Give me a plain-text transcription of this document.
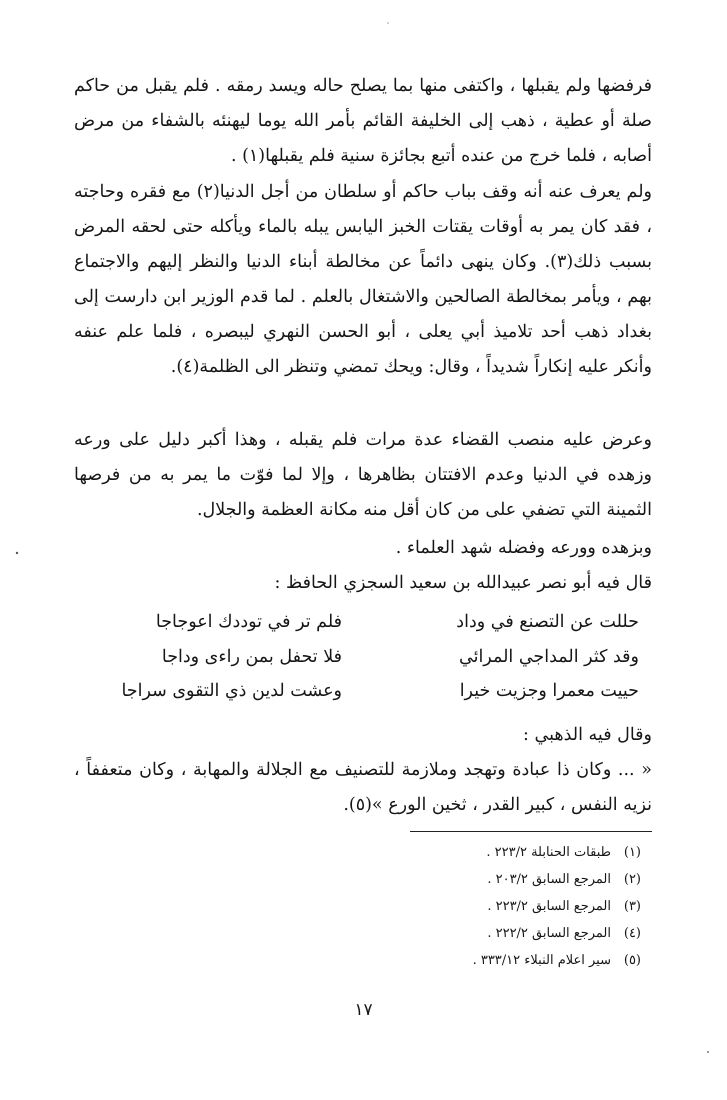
فرفضها ولم يقبلها ، واكتفى منها بما يصلح حاله ويسد رمقه . فلم يقبل من حاكم صلة أو عطية ، ذهب إلى الخليفة القائم بأمر الله يوما ليهنئه بالشفاء من مرض أصابه ، فلما خرج من عنده أتبع بجائزة سنية فلم يقبلها(١) .

ولم يعرف عنه أنه وقف بباب حاكم أو سلطان من أجل الدنيا(٢) مع فقره وحاجته ، فقد كان يمر به أوقات يقتات الخبز اليابس يبله بالماء ويأكله حتى لحقه المرض بسبب ذلك(٣). وكان ينهى دائماً عن مخالطة أبناء الدنيا والنظر إليهم والاجتماع بهم ، ويأمر بمخالطة الصالحين والاشتغال بالعلم . لما قدم الوزير ابن دارست إلى بغداد ذهب أحد تلاميذ أبي يعلى ، أبو الحسن النهري ليبصره ، فلما علم عنفه وأنكر عليه إنكاراً شديداً ، وقال: ويحك تمضي وتنظر الى الظلمة(٤).

وعرض عليه منصب القضاء عدة مرات فلم يقبله ، وهذا أكبر دليل على ورعه وزهده في الدنيا وعدم الافتتان بظاهرها ، وإلا لما فوّت ما يمر به من فرصها الثمينة التي تضفي على من كان أقل منه مكانة العظمة والجلال.

وبزهده وورعه وفضله شهد العلماء .

قال فيه أبو نصر عبيدالله بن سعيد السجزي الحافظ :

حللت عن التصنع في وداد
فلم تر في توددك اعوجاجا
وقد كثر المداجي المرائي
فلا تحفل بمن راءى وداجا
حييت معمرا وجزيت خيرا
وعشت لدين ذي التقوى سراجا

وقال فيه الذهبي :

« ... وكان ذا عبادة وتهجد وملازمة للتصنيف مع الجلالة والمهابة ، وكان متعففاً ، نزيه النفس ، كبير القدر ، ثخين الورع »(٥).

(١)طبقات الحنابلة ٢٢٣/٢ .
(٢)المرجع السابق ٢٠٣/٢ .
(٣)المرجع السابق ٢٢٣/٢ .
(٤)المرجع السابق ٢٢٢/٢ .
(٥)سير اعلام النبلاء ٣٣٣/١٢ .
١٧
